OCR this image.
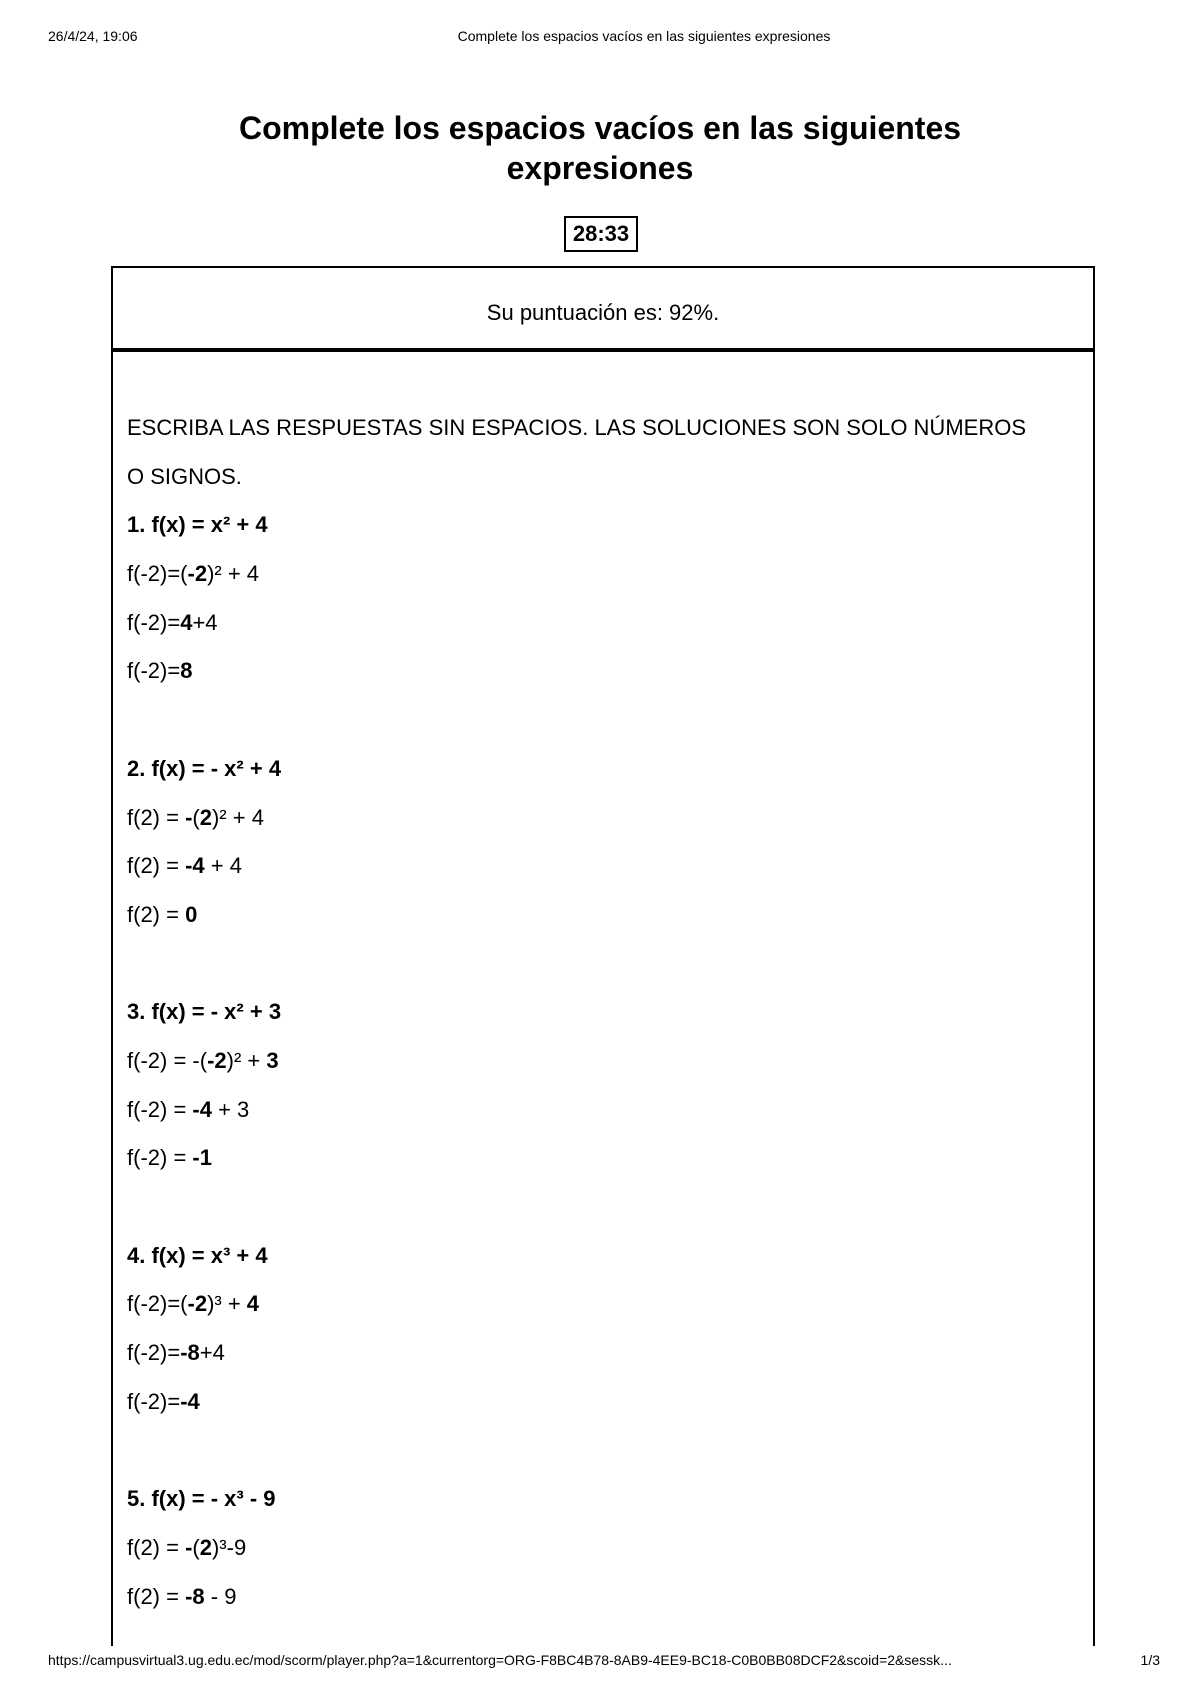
26/4/24, 19:06	Complete los espacios vacíos en las siguientes expresiones
Complete los espacios vacíos en las siguientes
expresiones
28:33
Su puntuación es: 92%.

ESCRIBA LAS RESPUESTAS SIN ESPACIOS. LAS SOLUCIONES SON SOLO NÚMEROS O SIGNOS.

1. f(x) = x² + 4

f(-2)=(-2)² + 4

f(-2)=4+4

f(-2)=8

2. f(x) = - x² + 4

f(2) = -(2)² + 4

f(2) = -4 + 4

f(2) = 0

3. f(x) = - x² + 3

f(-2) = -(-2)² + 3

f(-2) = -4 + 3

f(-2) = -1

4. f(x) = x³ + 4

f(-2)=(-2)³ + 4

f(-2)=-8+4

f(-2)=-4

5. f(x) = - x³ - 9

f(2) = -(2)³-9

f(2) = -8 - 9

https://campusvirtual3.ug.edu.ec/mod/scorm/player.php?a=1&currentorg=ORG-F8BC4B78-8AB9-4EE9-BC18-C0B0BB08DCF2&scoid=2&sessk...	1/3
